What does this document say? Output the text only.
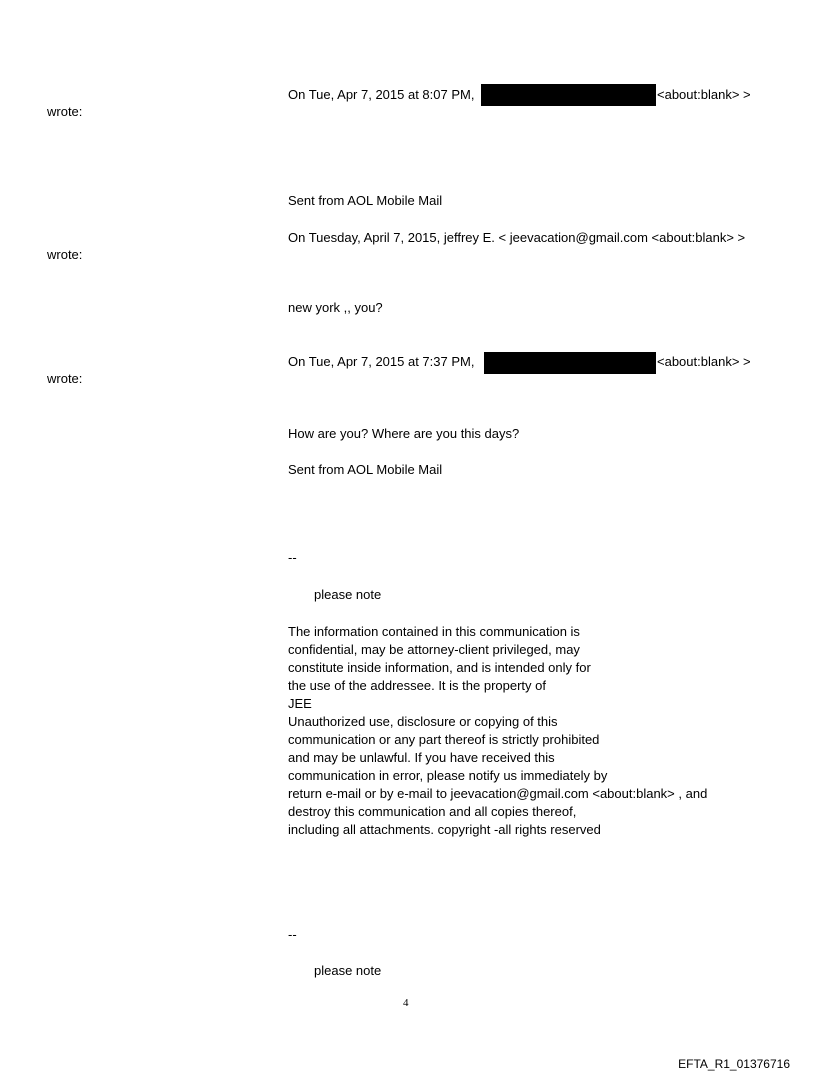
On Tue, Apr 7, 2015 at 8:07 PM,	<about:blank> >
wrote:
Sent from AOL Mobile Mail
On Tuesday, April 7, 2015, jeffrey E. < jeevacation@gmail.com <about:blank> >
wrote:
new york ,, you?
On Tue, Apr 7, 2015 at 7:37 PM,	<about:blank> >
wrote:
How are you? Where are you this days?
Sent from AOL Mobile Mail
--
please note
The information contained in this communication is
confidential, may be attorney-client privileged, may
constitute inside information, and is intended only for
the use of the addressee. It is the property of
JEE
Unauthorized use, disclosure or copying of this
communication or any part thereof is strictly prohibited
and may be unlawful. If you have received this
communication in error, please notify us immediately by
return e-mail or by e-mail to jeevacation@gmail.com <about:blank> , and
destroy this communication and all copies thereof,
including all attachments. copyright -all rights reserved
--
please note
4
EFTA_R1_01376716
